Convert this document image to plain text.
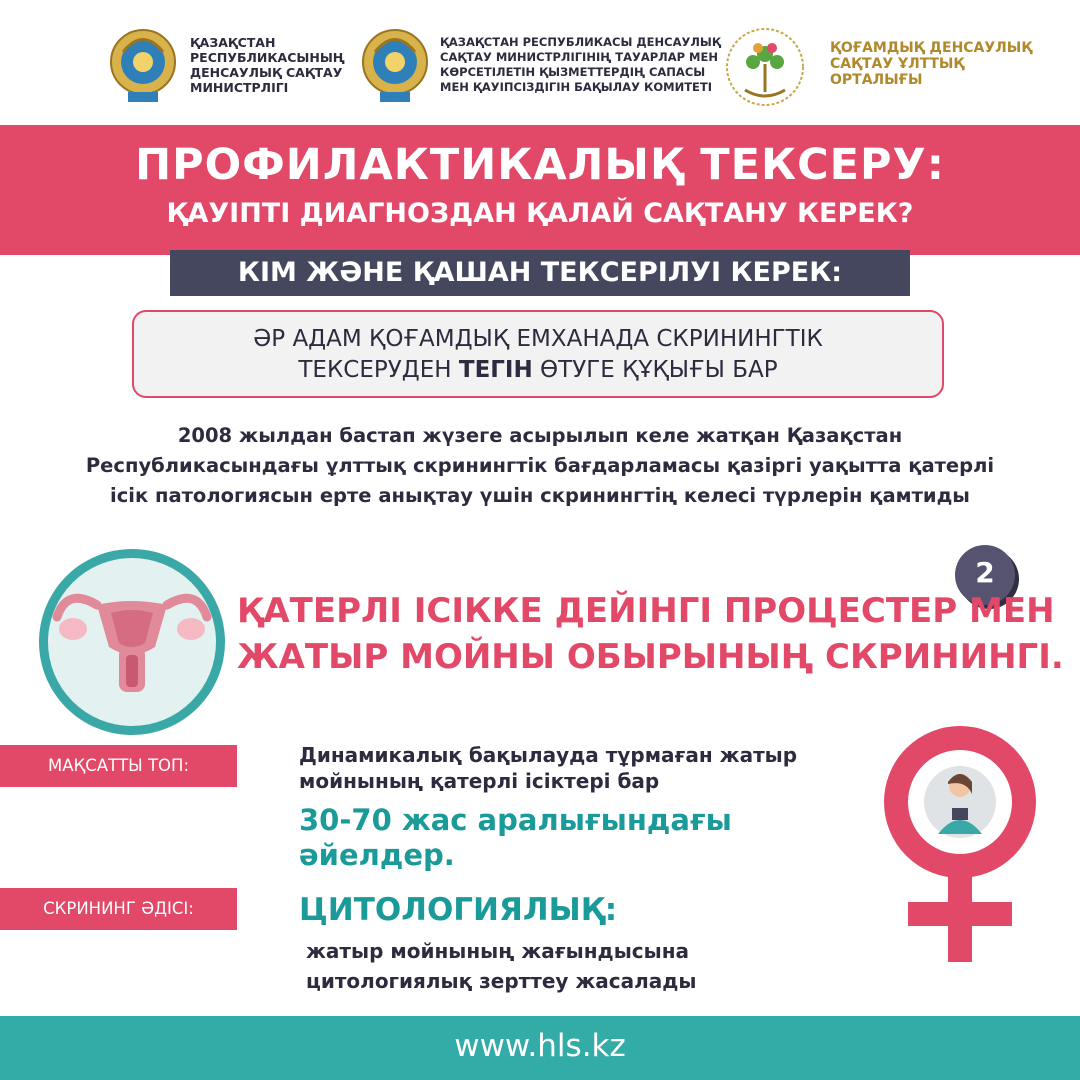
ҚАЗАҚСТАН
РЕСПУБЛИКАСЫНЫҢ
ДЕНСАУЛЫҚ САҚТАУ
МИНИСТРЛІГІ
ҚАЗАҚСТАН РЕСПУБЛИКАСЫ ДЕНСАУЛЫҚ
САҚТАУ МИНИСТРЛІГІНІҢ ТАУАРЛАР МЕН
КӨРСЕТІЛЕТІН ҚЫЗМЕТТЕРДІҢ САПАСЫ
МЕН ҚАУІПСІЗДІГІН БАҚЫЛАУ КОМИТЕТІ
ҚОҒАМДЫҚ ДЕНСАУЛЫҚ
САҚТАУ ҰЛТТЫҚ
ОРТАЛЫҒЫ
ПРОФИЛАКТИКАЛЫҚ ТЕКСЕРУ:
ҚАУІПТІ ДИАГНОЗДАН ҚАЛАЙ САҚТАНУ КЕРЕК?
КІМ ЖӘНЕ ҚАШАН ТЕКСЕРІЛУІ КЕРЕК:
ӘР АДАМ ҚОҒАМДЫҚ ЕМХАНАДА СКРИНИНГТІК
ТЕКСЕРУДЕН ТЕГІН ӨТУГЕ ҚҰҚЫҒЫ БАР
2008 жылдан бастап жүзеге асырылып келе жатқан Қазақстан
Республикасындағы ұлттық скринингтік бағдарламасы қазіргі уақытта қатерлі
ісік патологиясын ерте анықтау үшін скринингтің келесі түрлерін қамтиды
2
ҚАТЕРЛІ ІСІККЕ ДЕЙІНГІ ПРОЦЕСТЕР МЕН
ЖАТЫР МОЙНЫ ОБЫРЫНЫҢ СКРИНИНГІ.
МАҚСАТТЫ ТОП:	Динамикалық бақылауда тұрмаған жатыр
мойнының қатерлі ісіктері бар
30-70 жас аралығындағы
әйелдер.
СКРИНИНГ ӘДІСІ:	ЦИТОЛОГИЯЛЫҚ:
жатыр мойнының жағындысына
цитологиялық зерттеу жасалады
www.hls.kz
